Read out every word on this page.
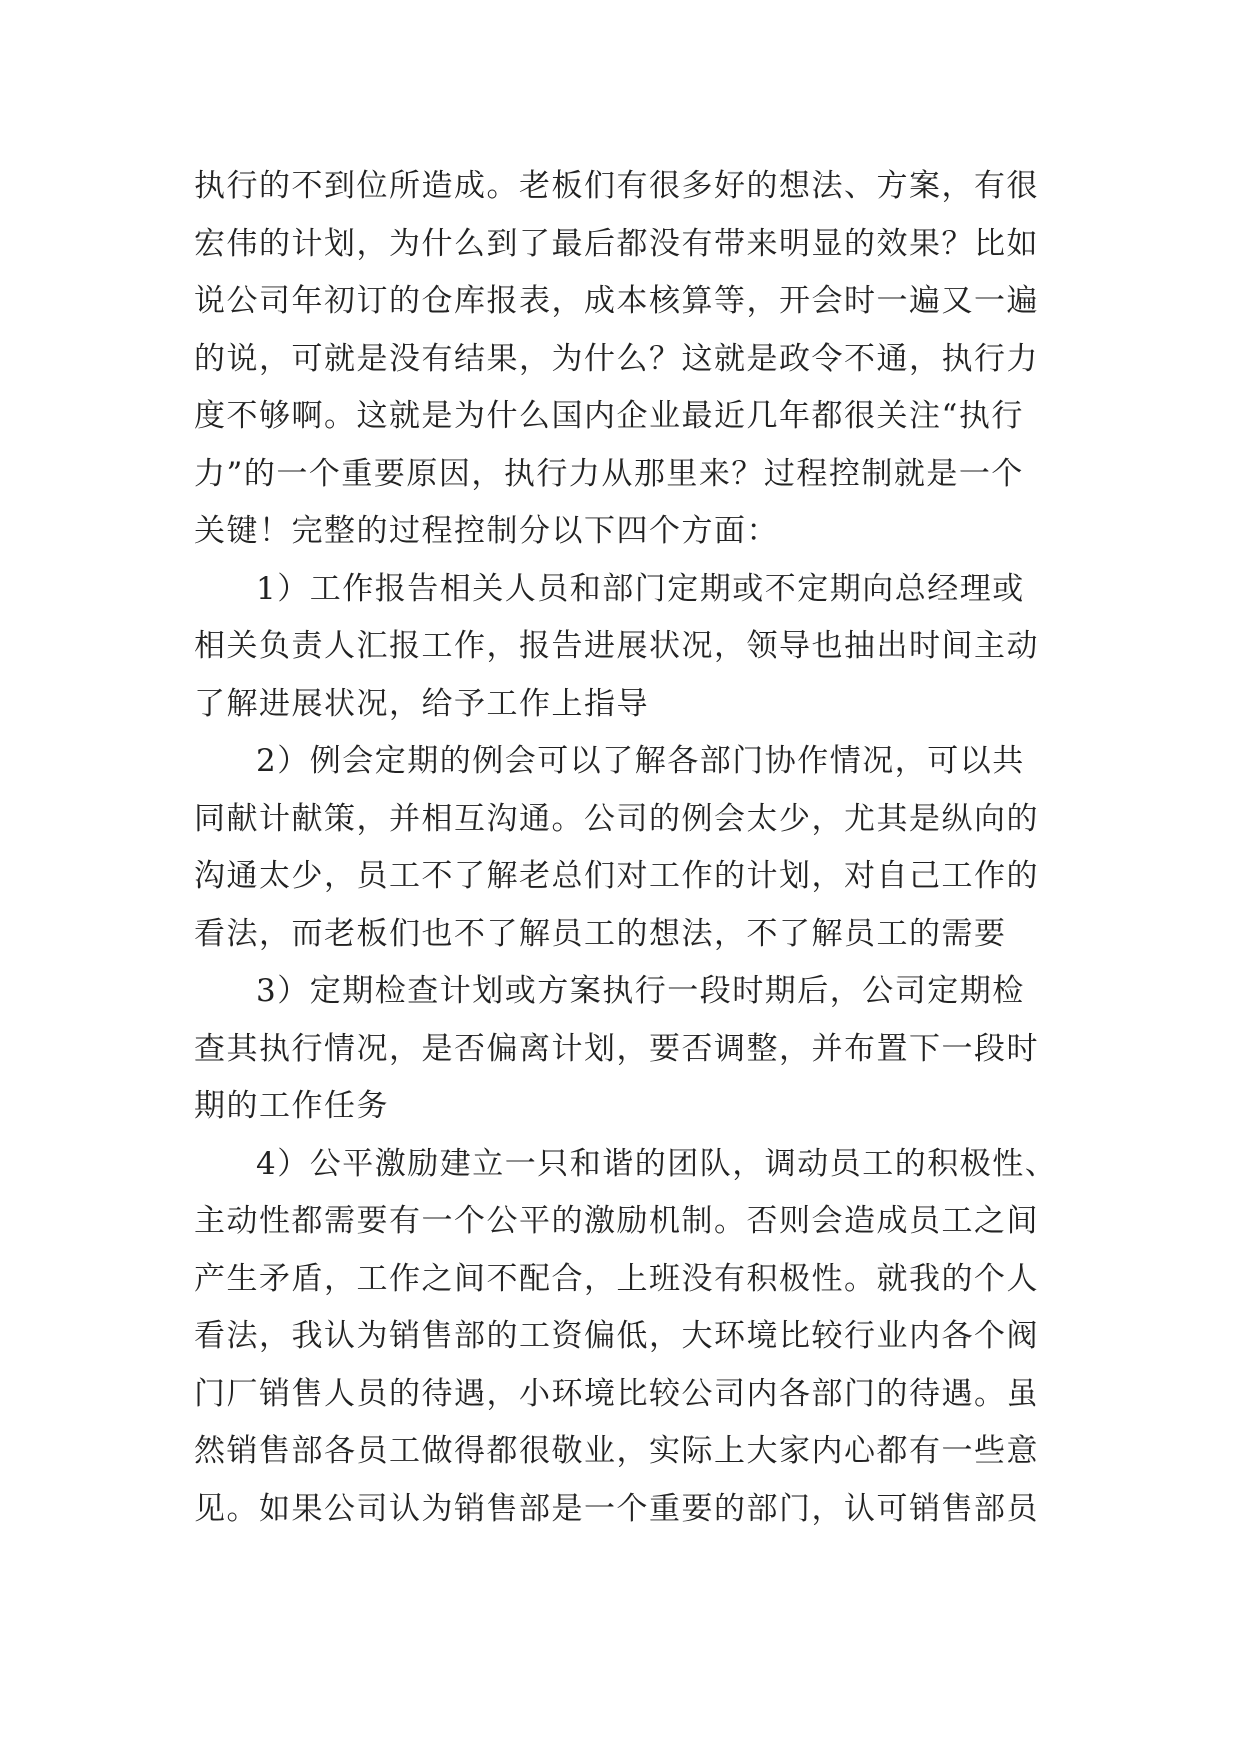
执行的不到位所造成。老板们有很多好的想法、方案，有很
宏伟的计划，为什么到了最后都没有带来明显的效果？比如
说公司年初订的仓库报表，成本核算等，开会时一遍又一遍
的说，可就是没有结果，为什么？这就是政令不通，执行力
度不够啊。这就是为什么国内企业最近几年都很关注“执行
力”的一个重要原因，执行力从那里来？过程控制就是一个
关键！完整的过程控制分以下四个方面：
1）工作报告相关人员和部门定期或不定期向总经理或
相关负责人汇报工作，报告进展状况，领导也抽出时间主动
了解进展状况，给予工作上指导
2）例会定期的例会可以了解各部门协作情况，可以共
同献计献策，并相互沟通。公司的例会太少，尤其是纵向的
沟通太少，员工不了解老总们对工作的计划，对自己工作的
看法，而老板们也不了解员工的想法，不了解员工的需要
3）定期检查计划或方案执行一段时期后，公司定期检
查其执行情况，是否偏离计划，要否调整，并布置下一段时
期的工作任务
4）公平激励建立一只和谐的团队，调动员工的积极性、
主动性都需要有一个公平的激励机制。否则会造成员工之间
产生矛盾，工作之间不配合，上班没有积极性。就我的个人
看法，我认为销售部的工资偏低，大环境比较行业内各个阀
门厂销售人员的待遇，小环境比较公司内各部门的待遇。虽
然销售部各员工做得都很敬业，实际上大家内心都有一些意
见。如果公司认为销售部是一个重要的部门，认可销售部员
